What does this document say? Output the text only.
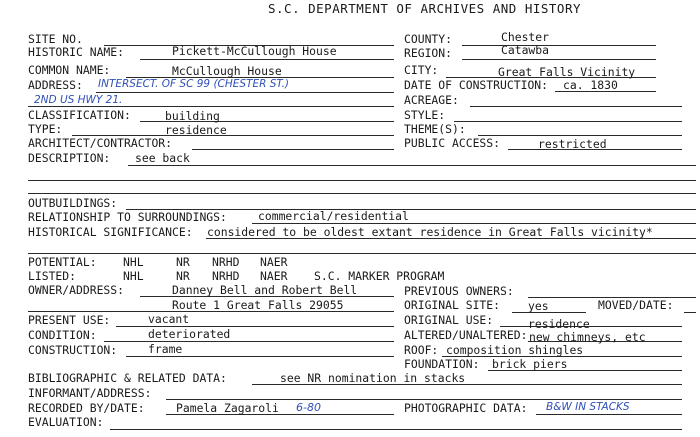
S.C. DEPARTMENT OF ARCHIVES AND HISTORY
SITE NO.
HISTORIC NAME:	Pickett-McCullough House
COMMON NAME:	McCullough House
ADDRESS: INTERSECT. OF SC 99 (CHESTER ST.)
2ND US HWY 21.
CLASSIFICATION:	building
TYPE:	residence
ARCHITECT/CONTRACTOR:
DESCRIPTION: see back
COUNTY:	Chester
REGION:	Catawba
CITY:	Great Falls Vicinity
DATE OF CONSTRUCTION: ca. 1830
ACREAGE:
STYLE:
THEME(S):
PUBLIC ACCESS:	restricted
OUTBUILDINGS:
RELATIONSHIP TO SURROUNDINGS:	commercial/residential
HISTORICAL SIGNIFICANCE: considered to be oldest extant residence in Great Falls vicinity*
POTENTIAL: NHL	NR NRHD NAER
LISTED:	NHL	NR NRHD NAER S.C. MARKER PROGRAM
OWNER/ADDRESS:	Danney Bell and Robert Bell
Route 1 Great Falls 29055
PRESENT USE:	vacant
CONDITION:	deteriorated
CONSTRUCTION:	frame
PREVIOUS OWNERS:
ORIGINAL SITE: yes	MOVED/DATE:
ORIGINAL USE:	residence
ALTERED/UNALTERED: new chimneys, etc
ROOF: composition shingles
FOUNDATION: brick piers
BIBLIOGRAPHIC & RELATED DATA:	see NR nomination in stacks
INFORMANT/ADDRESS:
RECORDED BY/DATE:	Pamela Zagaroli 6-80	PHOTOGRAPHIC DATA: B&W IN STACKS
EVALUATION:
